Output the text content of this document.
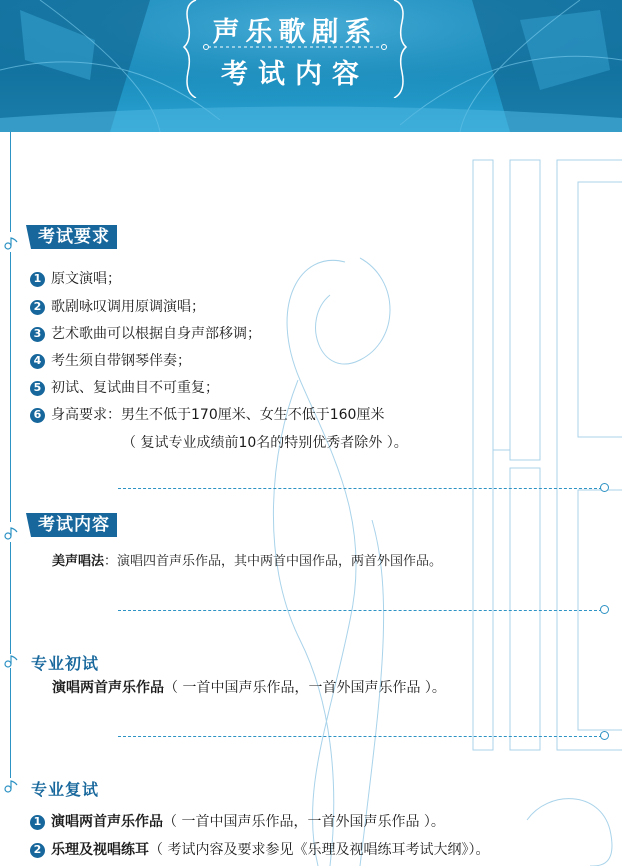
声乐歌剧系
考试内容
考试要求
1 原文演唱；
2 歌剧咏叹调用原调演唱；
3 艺术歌曲可以根据自身声部移调；
4 考生须自带钢琴伴奏；
5 初试、复试曲目不可重复；
6 身高要求：男生不低于170厘米、女生不低于160厘米
（ 复试专业成绩前10名的特别优秀者除外 ）。
考试内容
美声唱法：演唱四首声乐作品，其中两首中国作品，两首外国作品。
专业初试
演唱两首声乐作品（ 一首中国声乐作品，一首外国声乐作品 ）。
专业复试
1 演唱两首声乐作品 （ 一首中国声乐作品，一首外国声乐作品 ）。
2 乐理及视唱练耳 （ 考试内容及要求参见《乐理及视唱练耳考试大纲》）。
